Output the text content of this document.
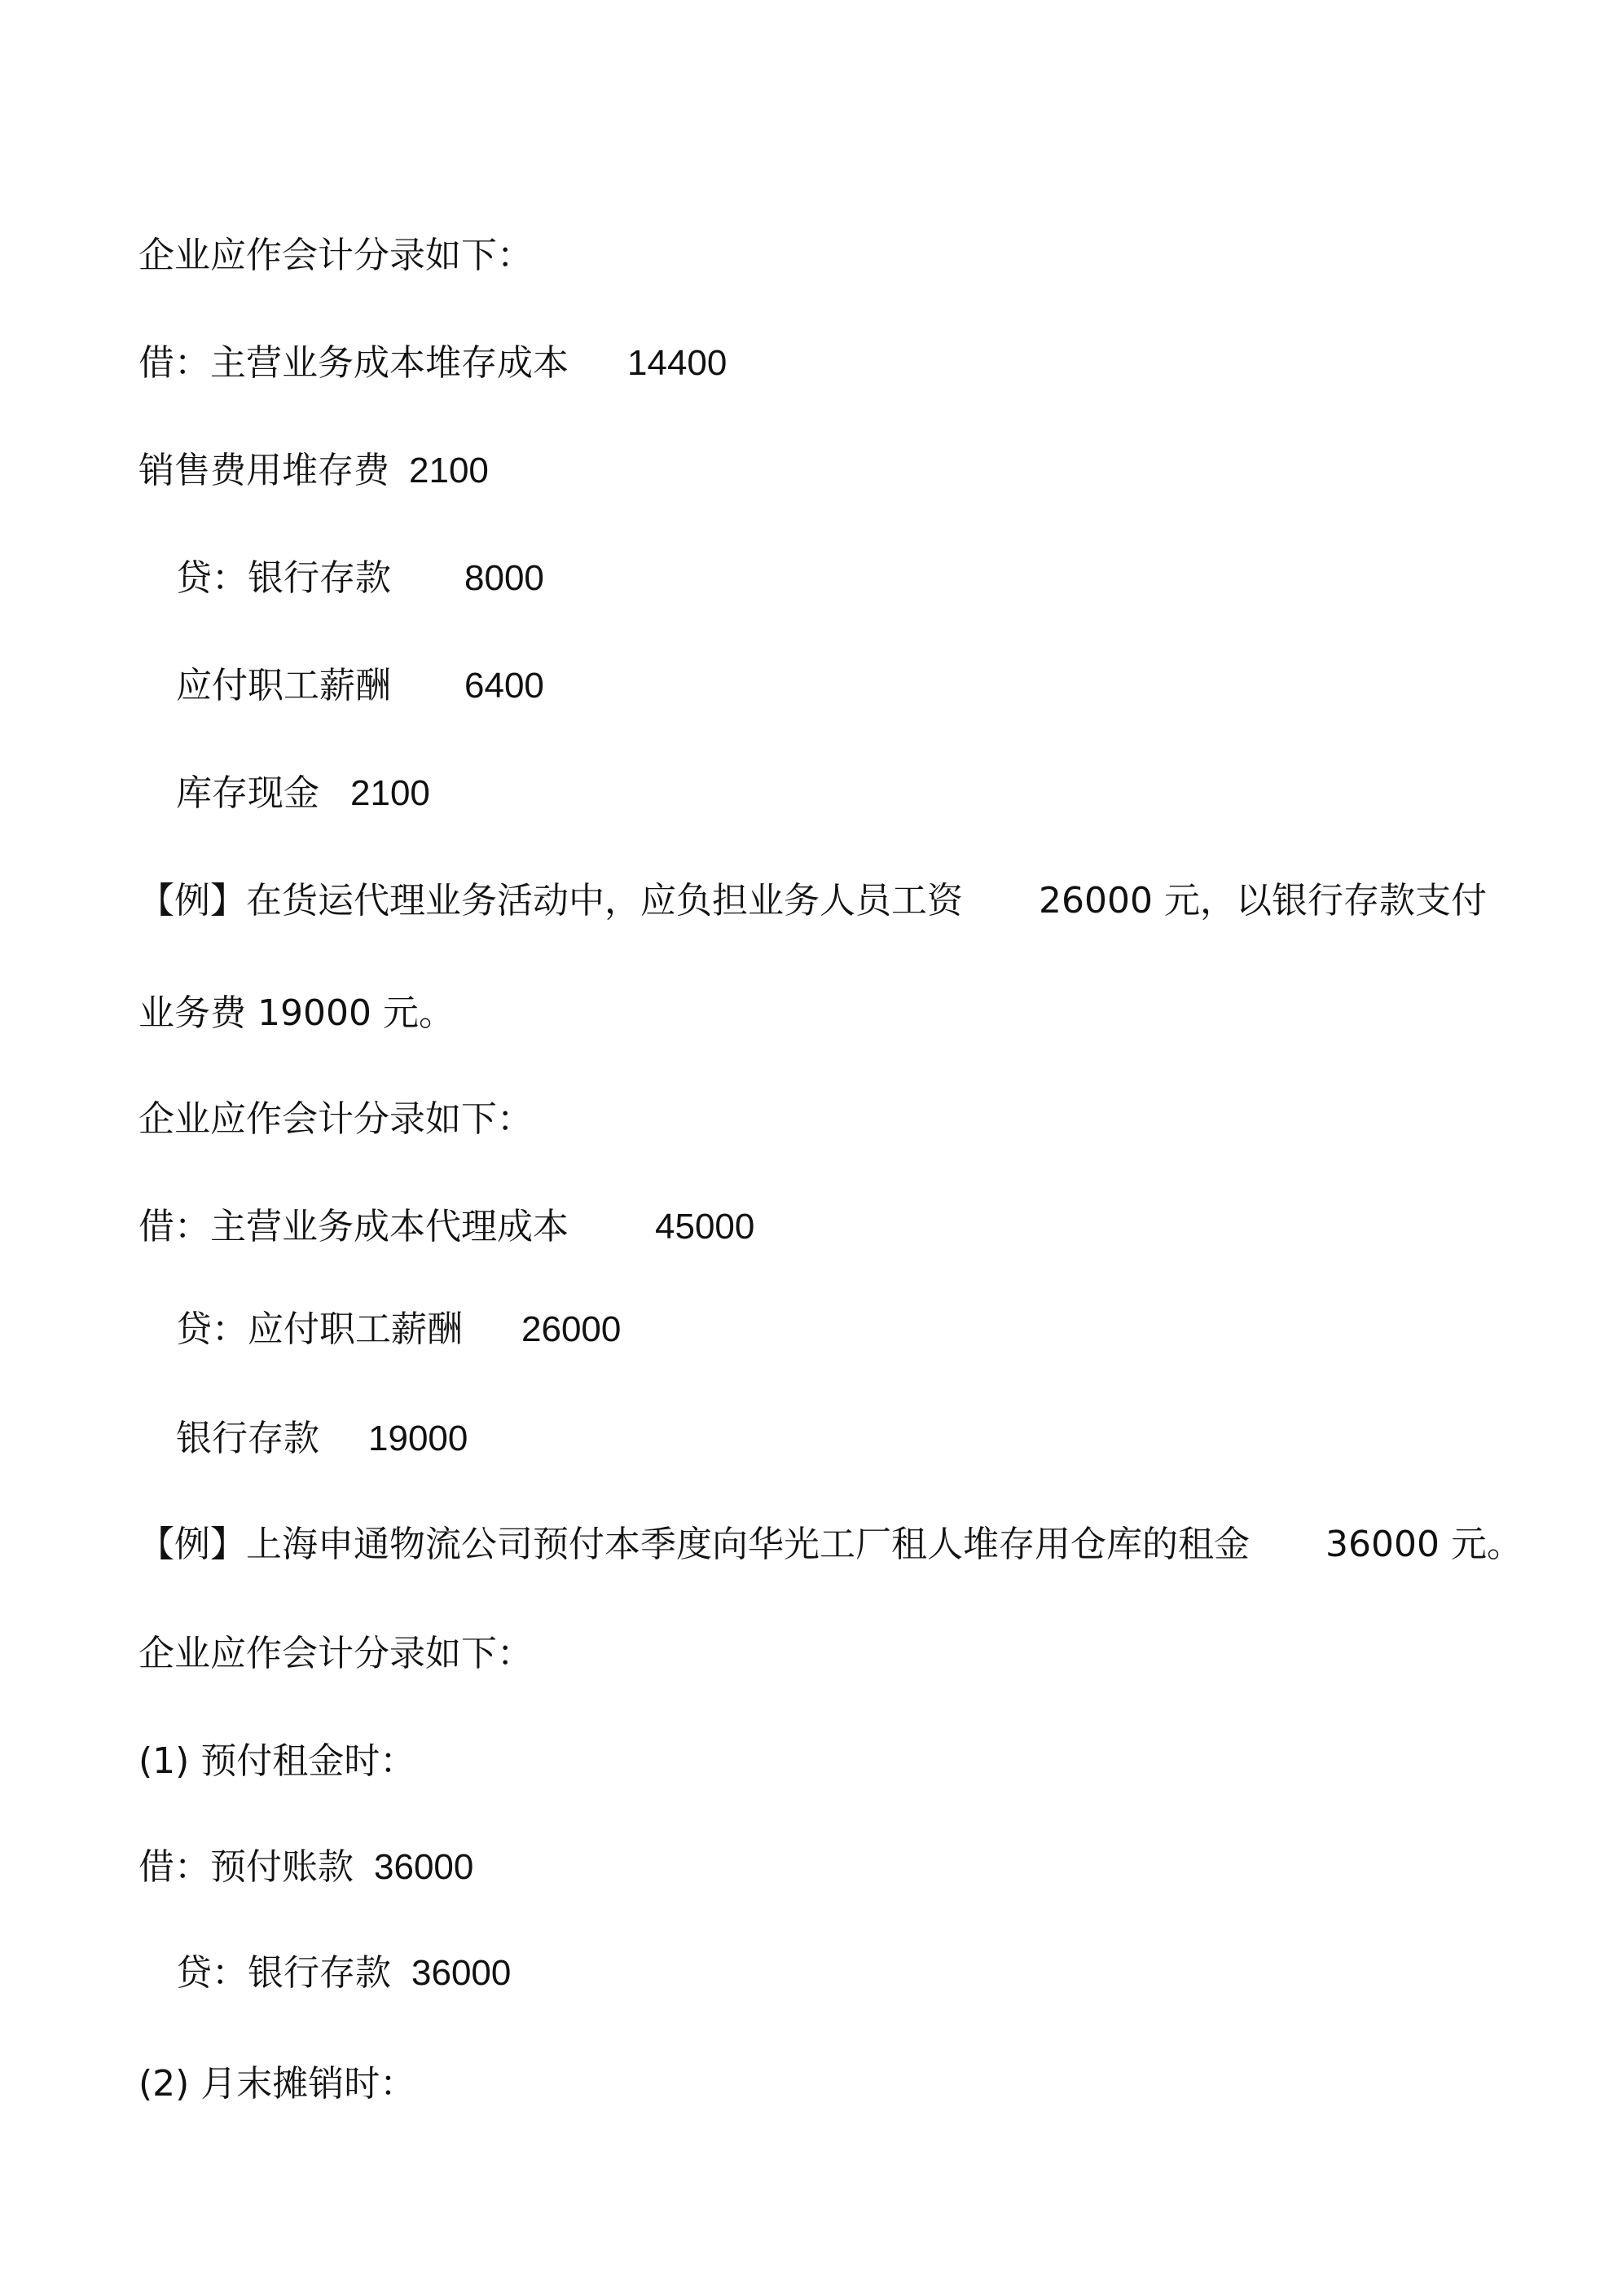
企业应作会计分录如下：
借：主营业务成本堆存成本 14400
销售费用堆存费 2100
贷：银行存款 8000
应付职工薪酬 6400
库存现金 2100
【例】在货运代理业务活动中，应负担业务人员工资 26000 元，以银行存款支付
业务费 19000 元。
企业应作会计分录如下：
借：主营业务成本代理成本 45000
贷：应付职工薪酬 26000
银行存款 19000
【例】上海申通物流公司预付本季度向华光工厂租人堆存用仓库的租金 36000 元。
企业应作会计分录如下：
(1) 预付租金时：
借：预付账款 36000
贷：银行存款 36000
(2) 月末摊销时：
